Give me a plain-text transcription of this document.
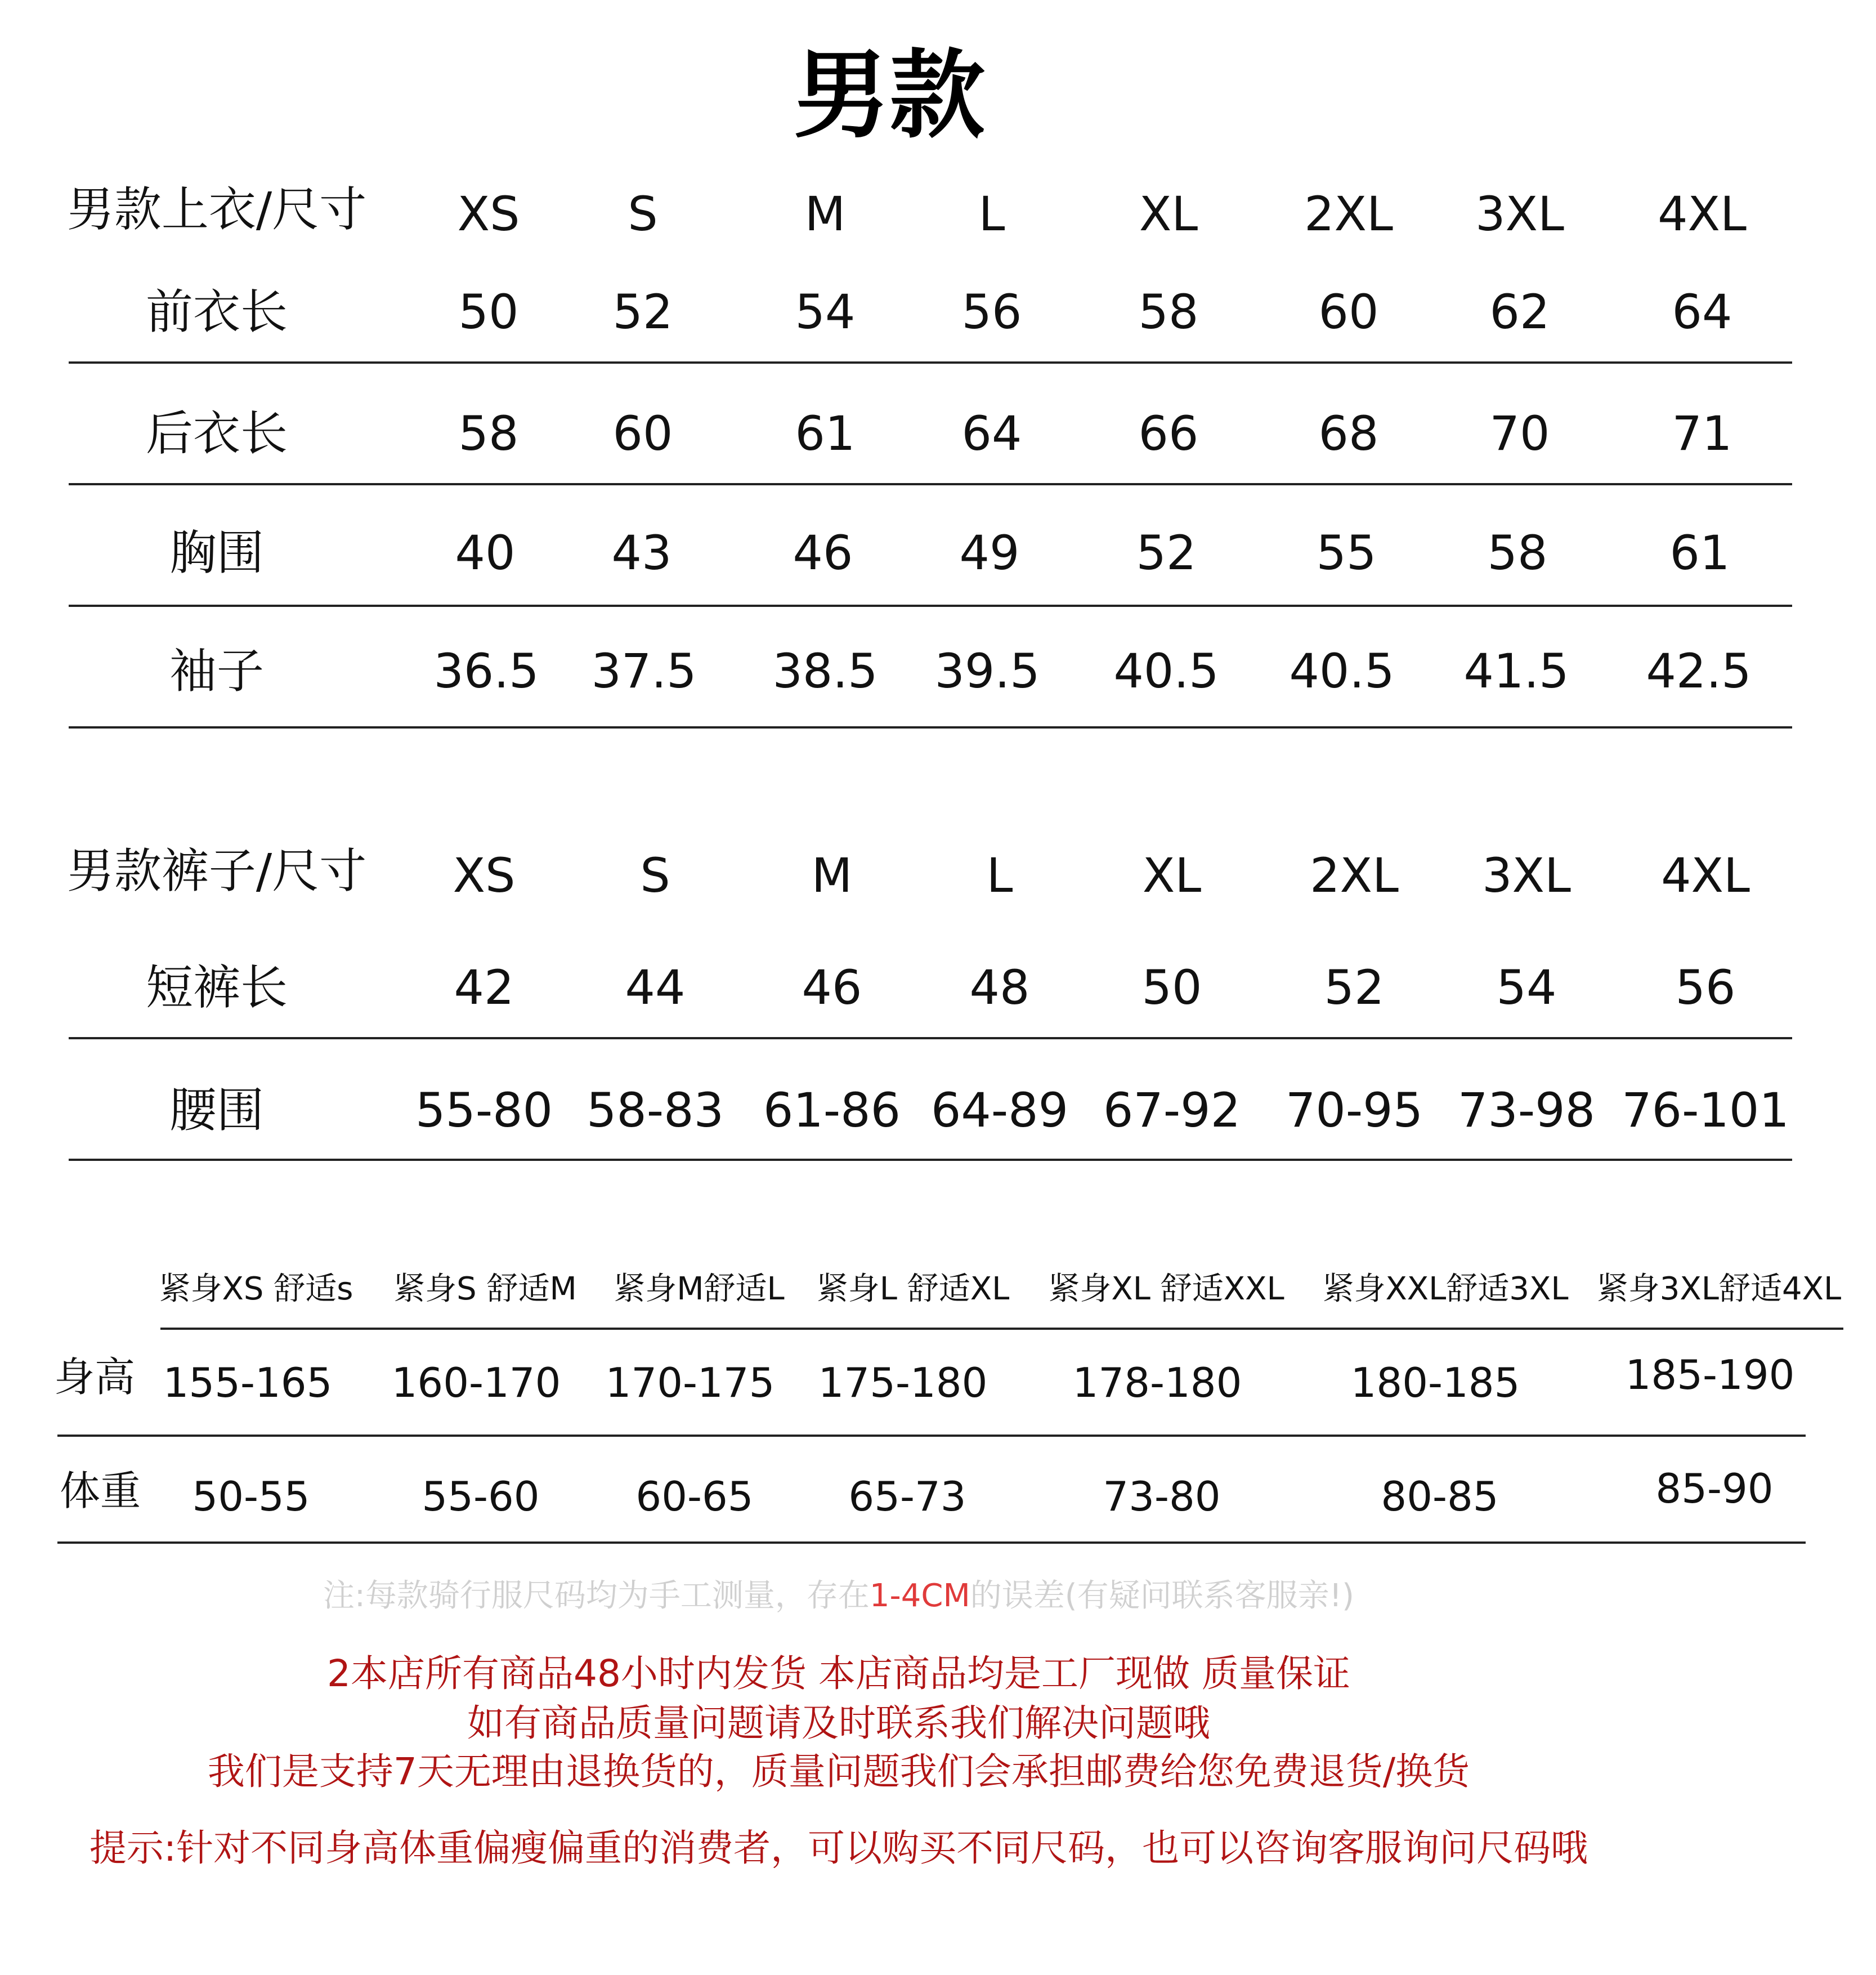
男款
男款上衣/尺寸 XS S	M	L	XL 2XL 3XL 4XL
前衣长	50 52	54 56 58	60 62	64
后衣长	58 60	61 64 66	68 70	71
胸围	40 43	46 49 52	55 58	61
袖子	36.5 37.5 38.5 39.5 40.5 40.5 41.5 42.5
男款裤子/尺寸 XS	S	M	L	XL 2XL 3XL 4XL
短裤长	42 44 46 48 50	52 54	56
腰围	55-80 58-83 61-86 64-89 67-92 70-95 73-98 76-101
紧身XS 舒适s 紧身S 舒适M 紧身M舒适L 紧身L 舒适XL 紧身XL 舒适XXL 紧身XXL舒适3XL 紧身3XL舒适4XL
身高 155-165 160-170 170-175 175-180 178-180	180-185	185-190
体重 50-55	55-60 60-65 65-73	73-80	80-85	85-90
注:每款骑行服尺码均为手工测量，存在1-4CM的误差(有疑问联系客服亲!)
2本店所有商品48小时内发货 本店商品均是工厂现做 质量保证
如有商品质量问题请及时联系我们解决问题哦
我们是支持7天无理由退换货的，质量问题我们会承担邮费给您免费退货/换货
提示:针对不同身高体重偏瘦偏重的消费者，可以购买不同尺码，也可以咨询客服询问尺码哦
